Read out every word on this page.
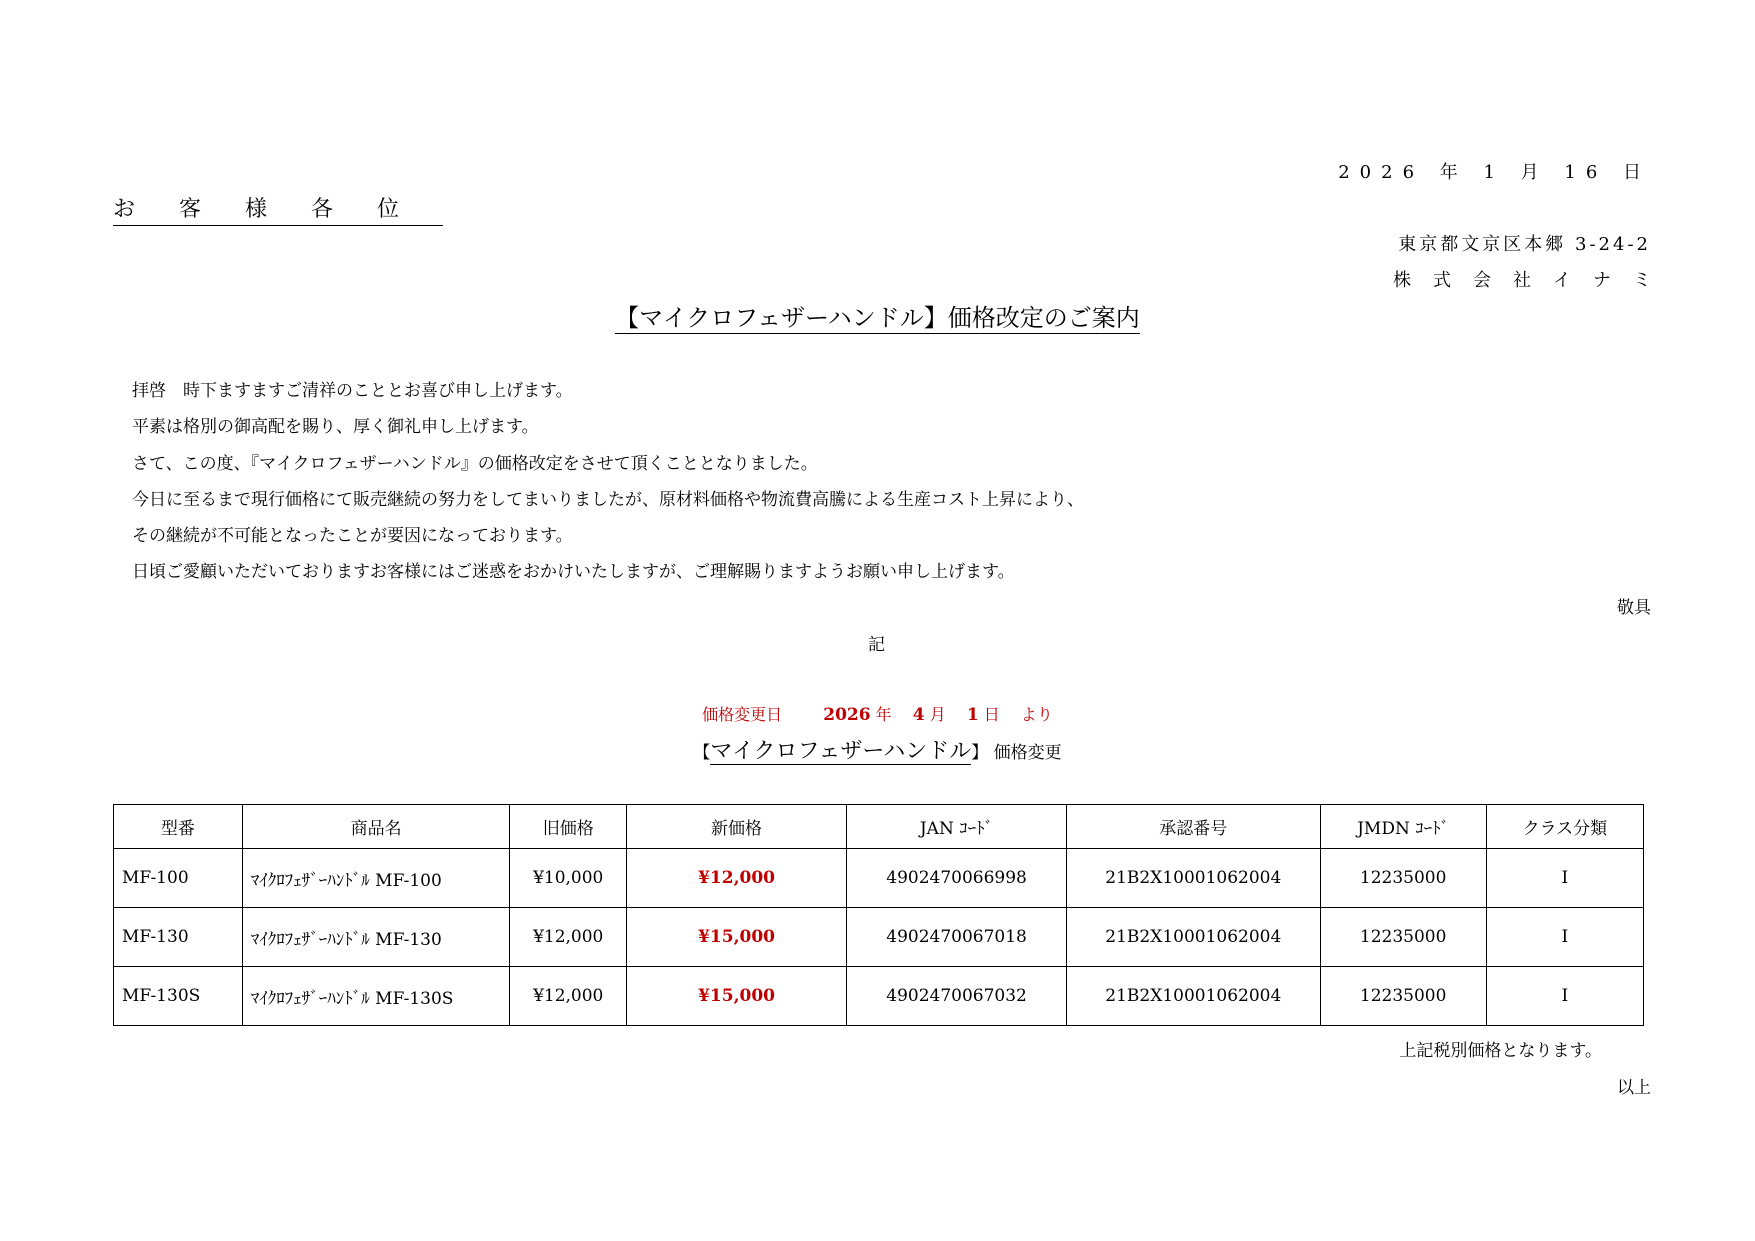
2026 年 1 月 16 日
お客様各位
東京都文京区本郷 3-24-2
株式会社イナミ
【マイクロフェザーハンドル】価格改定のご案内
拝啓　時下ますますご清祥のこととお喜び申し上げます。
平素は格別の御高配を賜り、厚く御礼申し上げます。
さて、この度、『マイクロフェザーハンドル』の価格改定をさせて頂くこととなりました。
今日に至るまで現行価格にて販売継続の努力をしてまいりましたが、原材料価格や物流費高騰による生産コスト上昇により、
その継続が不可能となったことが要因になっております。
日頃ご愛顧いただいておりますお客様にはご迷惑をおかけいたしますが、ご理解賜りますようお願い申し上げます。
敬具
記
価格変更日 2026 年 4 月 1 日 より
【マイクロフェザーハンドル】 価格変更
型番	商品名	旧価格	新価格	JAN ｺｰﾄﾞ	承認番号	JMDN ｺｰﾄﾞ	クラス分類
MF-100	ﾏｲｸﾛﾌｪｻﾞｰﾊﾝﾄﾞﾙ MF-100	¥10,000	¥12,000	4902470066998	21B2X10001062004	12235000	Ⅰ
MF-130	ﾏｲｸﾛﾌｪｻﾞｰﾊﾝﾄﾞﾙ MF-130	¥12,000	¥15,000	4902470067018	21B2X10001062004	12235000	Ⅰ
MF-130S	ﾏｲｸﾛﾌｪｻﾞｰﾊﾝﾄﾞﾙ MF-130S	¥12,000	¥15,000	4902470067032	21B2X10001062004	12235000	Ⅰ
上記税別価格となります。
以上
